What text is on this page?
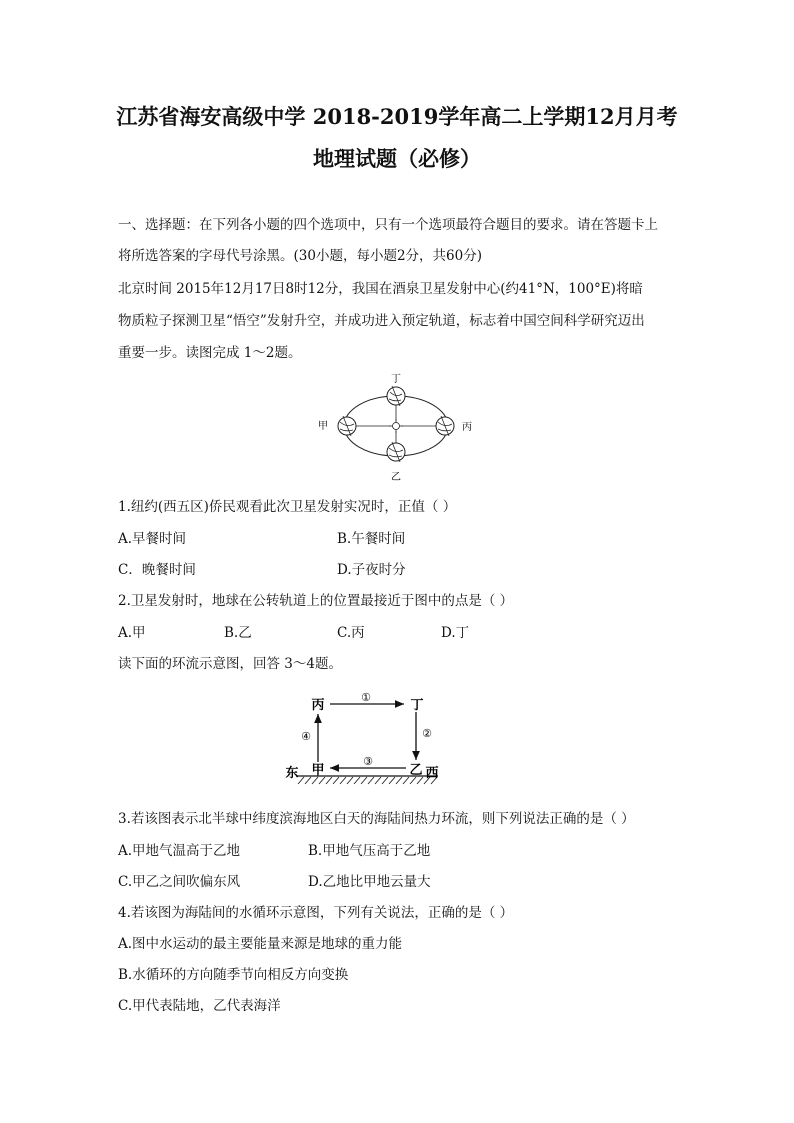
江苏省海安高级中学 2018-2019学年高二上学期12月月考
地理试题（必修）
一、选择题：在下列各小题的四个选项中，只有一个选项最符合题目的要求。请在答题卡上
将所选答案的字母代号涂黑。(30小题，每小题2分，共60分)
北京时间 2015年12月17日8时12分，我国在酒泉卫星发射中心(约41°N，100°E)将暗
物质粒子探测卫星“悟空”发射升空，并成功进入预定轨道，标志着中国空间科学研究迈出
重要一步。读图完成 1～2题。
丁
甲	丙
乙
1.纽约(西五区)侨民观看此次卫星发射实况时，正值（ ）
A.早餐时间	B.午餐时间
C．晚餐时间	D.子夜时分
2.卫星发射时，地球在公转轨道上的位置最接近于图中的点是（ ）
A.甲	B.乙	C.丙	D.丁
读下面的环流示意图，回答 3～4题。
丙	丁
甲	乙
东	西
①
②
③
④
3.若该图表示北半球中纬度滨海地区白天的海陆间热力环流，则下列说法正确的是（ ）
A.甲地气温高于乙地	B.甲地气压高于乙地
C.甲乙之间吹偏东风	D.乙地比甲地云量大
4.若该图为海陆间的水循环示意图，下列有关说法，正确的是（ ）
A.图中水运动的最主要能量来源是地球的重力能
B.水循环的方向随季节向相反方向变换
C.甲代表陆地，乙代表海洋
